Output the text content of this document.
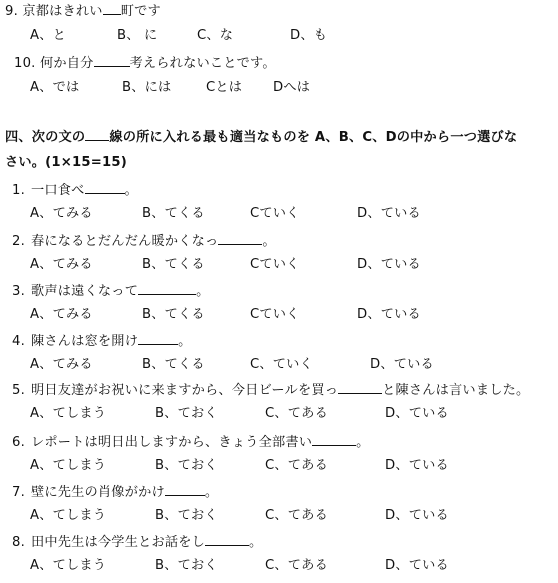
9. 京都はきれい 町です
A、と	B、 に	C、な	D、も
10. 何か自分	考えられないことです。
A、では	B、には	Cとは Dへは
四、次の文の 線の所に入れる最も適当なものを A、B、C、Dの中から一つ選びな
さい。(1×15=15)
1. 一口食べ	。
A、てみる	B、てくる	Cていく	D、ている
2. 春になるとだんだん暖かくなっ	。
A、てみる	B、てくる	Cていく	D、ている
3. 歌声は遠くなって	。
A、てみる	B、てくる	Cていく	D、ている
4. 陳さんは窓を開け	。
A、てみる	B、てくる	C、ていく	D、ている
5. 明日友達がお祝いに来ますから、今日ビールを買っ	と陳さんは言いました。
A、てしまう	B、ておく	C、てある	D、ている
6. レポートは明日出しますから、きょう全部書い	。
A、てしまう	B、ておく	C、てある	D、ている
7. 壁に先生の肖像がかけ	。
A、てしまう	B、ておく	C、てある	D、ている
8. 田中先生は今学生とお話をし	。
A、てしまう	B、ておく	C、てある	D、ている
